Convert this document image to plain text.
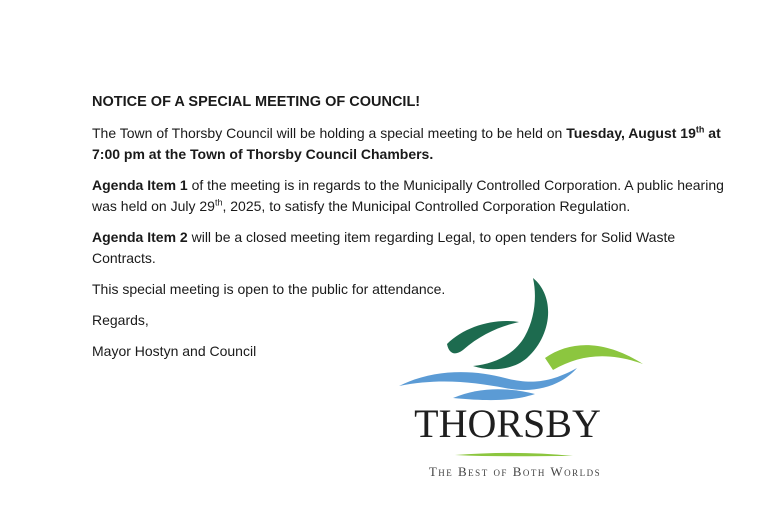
NOTICE OF A SPECIAL MEETING OF COUNCIL!

The Town of Thorsby Council will be holding a special meeting to be held on Tuesday, August 19th at 7:00 pm at the Town of Thorsby Council Chambers.

Agenda Item 1 of the meeting is in regards to the Municipally Controlled Corporation. A public hearing was held on July 29th, 2025, to satisfy the Municipal Controlled Corporation Regulation.

Agenda Item 2 will be a closed meeting item regarding Legal, to open tenders for Solid Waste Contracts.

This special meeting is open to the public for attendance.

Regards,

Mayor Hostyn and Council

THORSBY
The Best of Both Worlds
